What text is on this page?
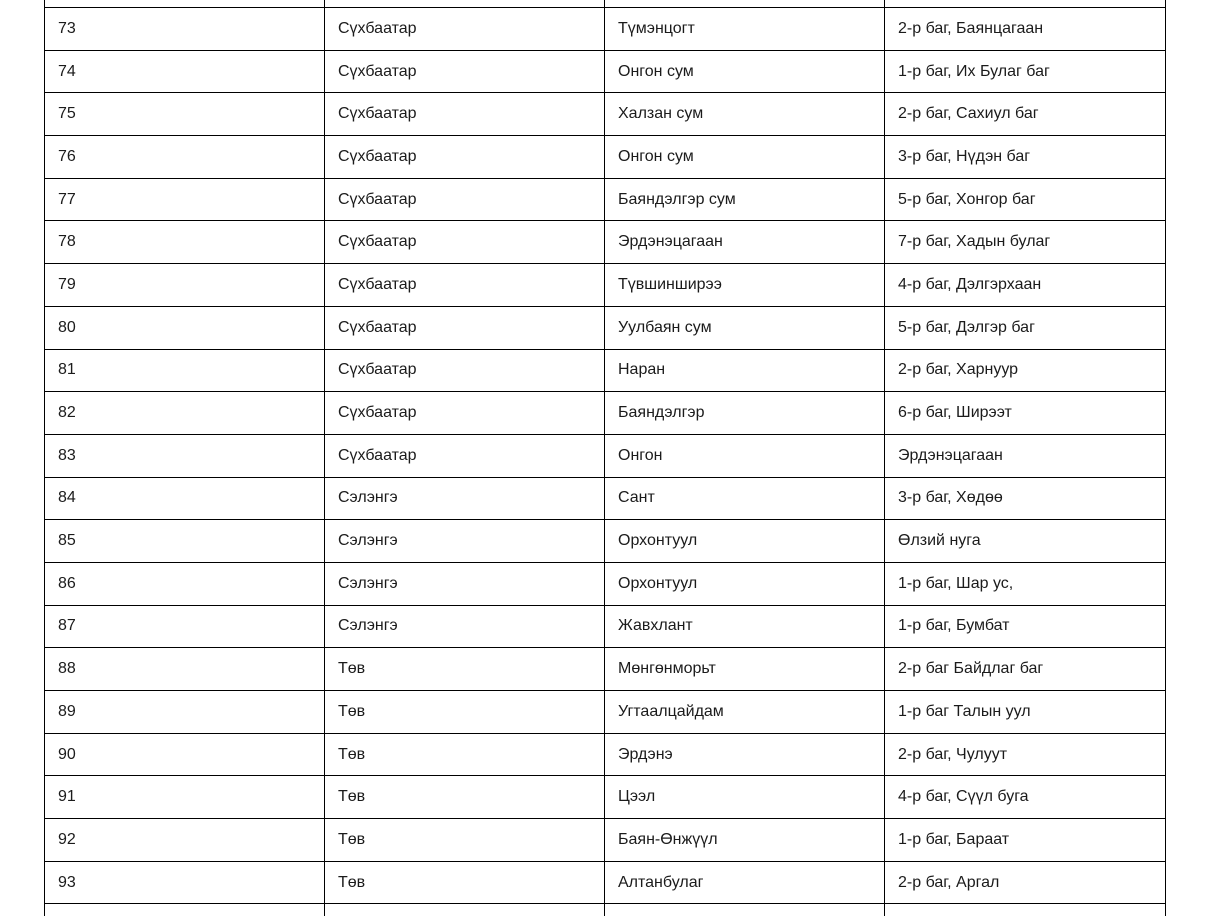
73	Сүхбаатар	Түмэнцогт	2-р баг, Баянцагаан
74	Сүхбаатар	Онгон сум	1-р баг, Их Булаг баг
75	Сүхбаатар	Халзан сум	2-р баг, Сахиул баг
76	Сүхбаатар	Онгон сум	3-р баг, Нүдэн баг
77	Сүхбаатар	Баяндэлгэр сум	5-р баг, Хонгор баг
78	Сүхбаатар	Эрдэнэцагаан	7-р баг, Хадын булаг
79	Сүхбаатар	Түвшинширээ	4-р баг, Дэлгэрхаан
80	Сүхбаатар	Уулбаян сум	5-р баг, Дэлгэр баг
81	Сүхбаатар	Наран	2-р баг, Харнуур
82	Сүхбаатар	Баяндэлгэр	6-р баг, Ширээт
83	Сүхбаатар	Онгон	Эрдэнэцагаан
84	Сэлэнгэ	Сант	3-р баг, Хөдөө
85	Сэлэнгэ	Орхонтуул	Өлзий нуга
86	Сэлэнгэ	Орхонтуул	1-р баг, Шар ус,
87	Сэлэнгэ	Жавхлант	1-р баг, Бумбат
88	Төв	Мөнгөнморьт	2-р баг Байдлаг баг
89	Төв	Угтаалцайдам	1-р баг Талын уул
90	Төв	Эрдэнэ	2-р баг, Чулуут
91	Төв	Цээл	4-р баг, Сүүл буга
92	Төв	Баян-Өнжүүл	1-р баг, Бараат
93	Төв	Алтанбулаг	2-р баг, Аргал
